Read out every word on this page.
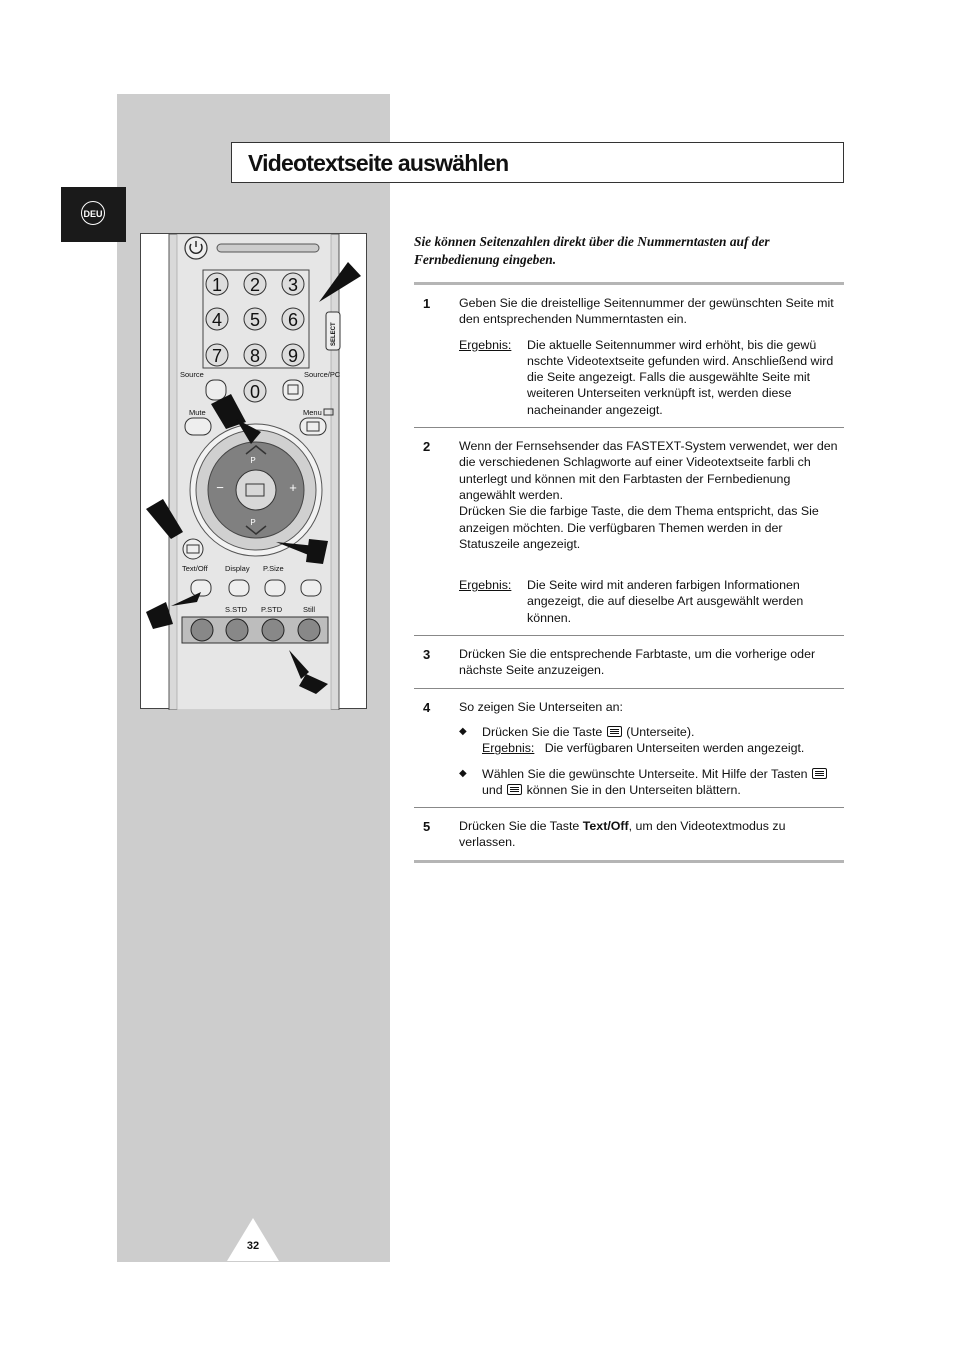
DEU
Videotextseite auswählen
1 2 3
4 5 6
7 8 9
0
Source	Source/PC
Mute	Menu
Text/Off Display P.Size
S.STD P.STD	Still
SELECT
P
P
−	+
Sie können Seitenzahlen direkt über die Nummerntasten auf der Fernbedienung eingeben.
1 Geben Sie die dreistellige Seitennummer der gewünschten Seite mit den entsprechenden Nummerntasten ein.

Ergebnis:	Die aktuelle Seitennummer wird erhöht, bis die gewü nschte Videotextseite gefunden wird. Anschließend wird die Seite angezeigt. Falls die ausgewählte Seite mit weiteren Unterseiten verknüpft ist, werden diese nacheinander angezeigt.
2 Wenn der Fernsehsender das FASTEXT-System verwendet, wer den die verschiedenen Schlagworte auf einer Videotextseite farbli ch unterlegt und können mit den Farbtasten der Fernbedienung angewählt werden.

Drücken Sie die farbige Taste, die dem Thema entspricht, das Sie anzeigen möchten. Die verfügbaren Themen werden in der Statuszeile angezeigt.

Ergebnis:	Die Seite wird mit anderen farbigen Informationen angezeigt, die auf dieselbe Art ausgewählt werden können.
3 Drücken Sie die entsprechende Farbtaste, um die vorherige oder nächste Seite anzuzeigen.

4 So zeigen Sie Unterseiten an:

◆	Drücken Sie die Taste (Unterseite).
Ergebnis: Die verfügbaren Unterseiten werden angezeigt.
◆	Wählen Sie die gewünschte Unterseite. Mit Hilfe der Tasten  und können Sie in den Unterseiten blättern.
5 Drücken Sie die Taste Text/Off, um den Videotextmodus zu verlassen.

32
